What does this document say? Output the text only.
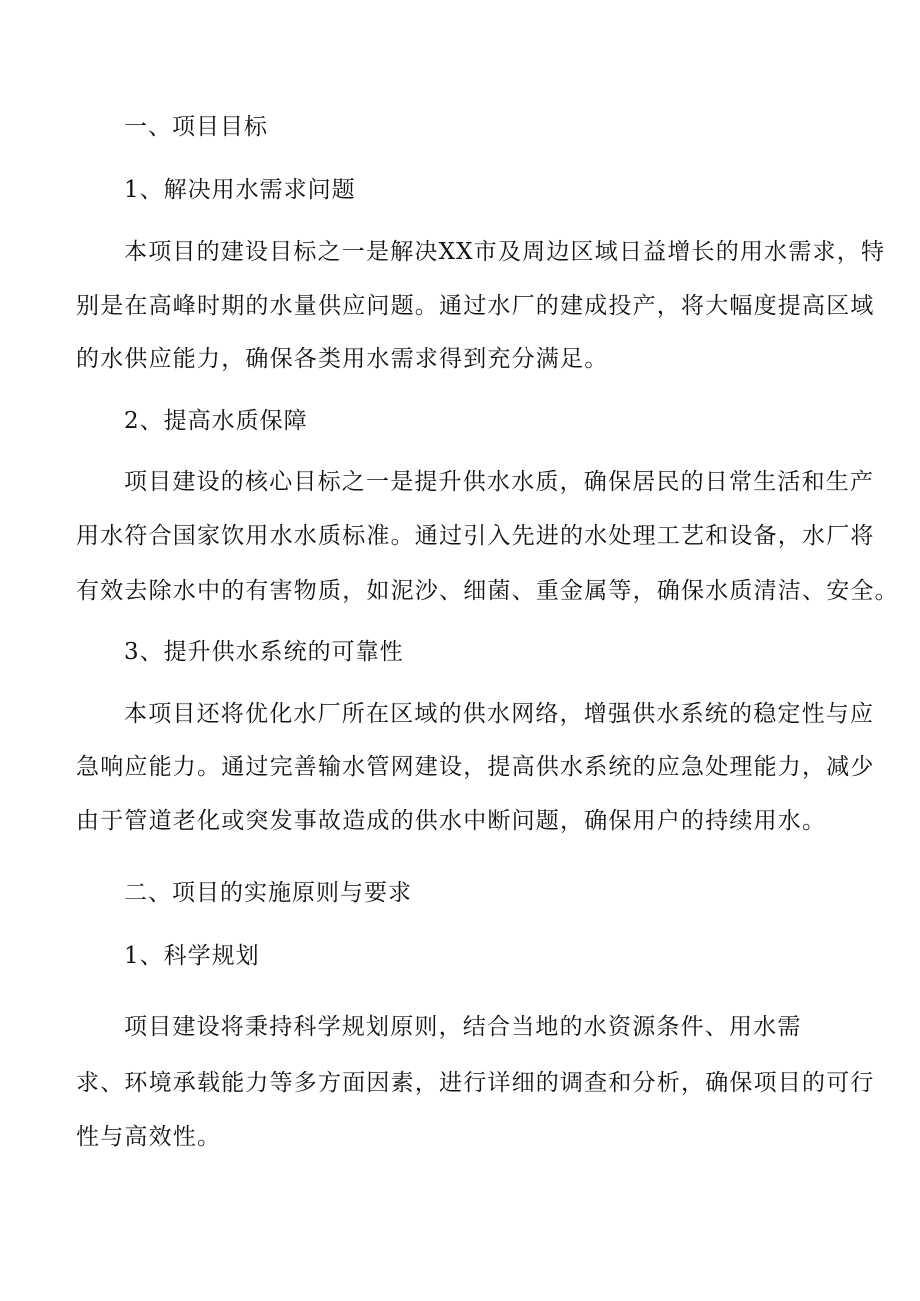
一、项目目标
1、解决用水需求问题
本项目的建设目标之一是解决XX市及周边区域日益增长的用水需求，特
别是在高峰时期的水量供应问题。通过水厂的建成投产，将大幅度提高区域
的水供应能力，确保各类用水需求得到充分满足。
2、提高水质保障
项目建设的核心目标之一是提升供水水质，确保居民的日常生活和生产
用水符合国家饮用水水质标准。通过引入先进的水处理工艺和设备，水厂将
有效去除水中的有害物质，如泥沙、细菌、重金属等，确保水质清洁、安全。
3、提升供水系统的可靠性
本项目还将优化水厂所在区域的供水网络，增强供水系统的稳定性与应
急响应能力。通过完善输水管网建设，提高供水系统的应急处理能力，减少
由于管道老化或突发事故造成的供水中断问题，确保用户的持续用水。
二、项目的实施原则与要求
1、科学规划
项目建设将秉持科学规划原则，结合当地的水资源条件、用水需
求、环境承载能力等多方面因素，进行详细的调查和分析，确保项目的可行
性与高效性。
